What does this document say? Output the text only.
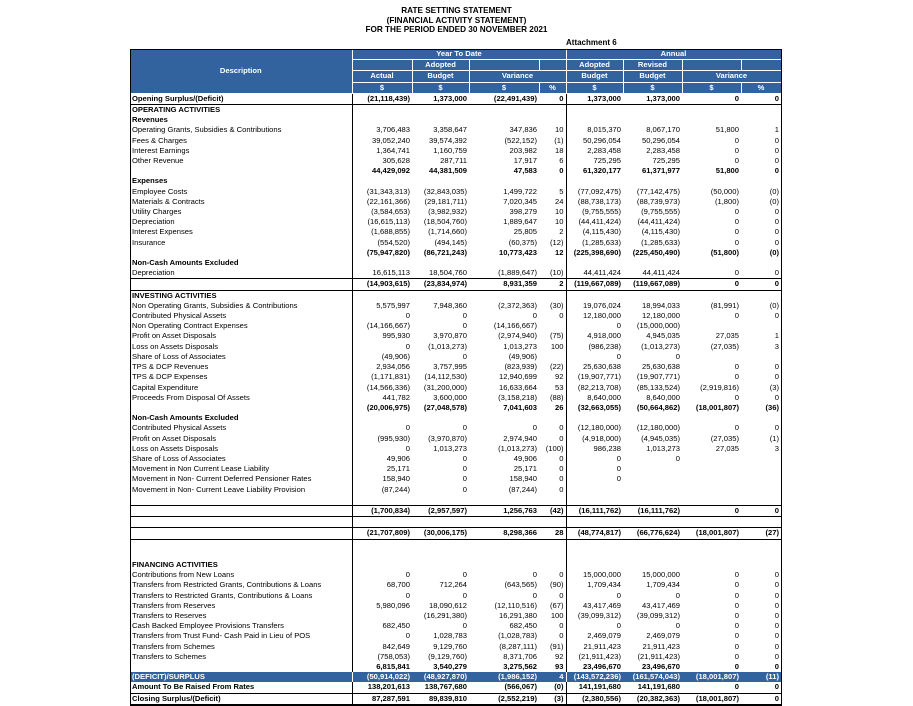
RATE SETTING STATEMENT
(FINANCIAL ACTIVITY STATEMENT)
FOR THE PERIOD ENDED 30 NOVEMBER 2021
Attachment 6
Description	Year To Date				Annual			
		Adopted			Adopted	Revised		
	Actual	Budget	Variance		Budget	Budget	Variance	
	$	$	$	%	$	$	$	%
Opening Surplus/(Deficit)	(21,118,439)	1,373,000	(22,491,439)	0	1,373,000	1,373,000	0	0
OPERATING ACTIVITIES								
Revenues								
Operating Grants, Subsidies & Contributions	3,706,483	3,358,647	347,836	10	8,015,370	8,067,170	51,800	1
Fees & Charges	39,052,240	39,574,392	(522,152)	(1)	50,296,054	50,296,054	0	0
Interest Earnings	1,364,741	1,160,759	203,982	18	2,283,458	2,283,458	0	0
Other Revenue	305,628	287,711	17,917	6	725,295	725,295	0	0
	44,429,092	44,381,509	47,583	0	61,320,177	61,371,977	51,800	0
Expenses								
Employee Costs	(31,343,313)	(32,843,035)	1,499,722	5	(77,092,475)	(77,142,475)	(50,000)	(0)
Materials & Contracts	(22,161,366)	(29,181,711)	7,020,345	24	(88,738,173)	(88,739,973)	(1,800)	(0)
Utility Charges	(3,584,653)	(3,982,932)	398,279	10	(9,755,555)	(9,755,555)	0	0
Depreciation	(16,615,113)	(18,504,760)	1,889,647	10	(44,411,424)	(44,411,424)	0	0
Interest Expenses	(1,688,855)	(1,714,660)	25,805	2	(4,115,430)	(4,115,430)	0	0
Insurance	(554,520)	(494,145)	(60,375)	(12)	(1,285,633)	(1,285,633)	0	0
	(75,947,820)	(86,721,243)	10,773,423	12	(225,398,690)	(225,450,490)	(51,800)	(0)
Non-Cash Amounts Excluded								
Depreciation	16,615,113	18,504,760	(1,889,647)	(10)	44,411,424	44,411,424	0	0
	(14,903,615)	(23,834,974)	8,931,359	2	(119,667,089)	(119,667,089)	0	0
INVESTING ACTIVITIES								
Non Operating Grants, Subsidies & Contributions	5,575,997	7,948,360	(2,372,363)	(30)	19,076,024	18,994,033	(81,991)	(0)
Contributed Physical Assets	0	0	0	0	12,180,000	12,180,000	0	0
Non Operating Contract Expenses	(14,166,667)	0	(14,166,667)		0	(15,000,000)		
Profit on Asset Disposals	995,930	3,970,870	(2,974,940)	(75)	4,918,000	4,945,035	27,035	1
Loss on Assets Disposals	0	(1,013,273)	1,013,273	100	(986,238)	(1,013,273)	(27,035)	3
Share of Loss of Associates	(49,906)	0	(49,906)		0	0		
TPS & DCP Revenues	2,934,056	3,757,995	(823,939)	(22)	25,630,638	25,630,638	0	0
TPS & DCP Expenses	(1,171,831)	(14,112,530)	12,940,699	92	(19,907,771)	(19,907,771)	0	0
Capital Expenditure	(14,566,336)	(31,200,000)	16,633,664	53	(82,213,708)	(85,133,524)	(2,919,816)	(3)
Proceeds From Disposal Of Assets	441,782	3,600,000	(3,158,218)	(88)	8,640,000	8,640,000	0	0
	(20,006,975)	(27,048,578)	7,041,603	26	(32,663,055)	(50,664,862)	(18,001,807)	(36)
Non-Cash Amounts Excluded								
Contributed Physical Assets	0	0	0	0	(12,180,000)	(12,180,000)	0	0
Profit on Asset Disposals	(995,930)	(3,970,870)	2,974,940	0	(4,918,000)	(4,945,035)	(27,035)	(1)
Loss on Assets Disposals	0	1,013,273	(1,013,273)	(100)	986,238	1,013,273	27,035	3
Share of Loss of Associates	49,906	0	49,906	0	0	0		
Movement in Non Current Lease Liability	25,171	0	25,171	0	0			
Movement in Non- Current Deferred Pensioner Rates	158,940	0	158,940	0	0			
Movement in Non- Current Leave Liability Provision	(87,244)	0	(87,244)	0				

	(1,700,834)	(2,957,597)	1,256,763	(42)	(16,111,762)	(16,111,762)	0	0

	(21,707,809)	(30,006,175)	8,298,366	28	(48,774,817)	(66,776,624)	(18,001,807)	(27)

FINANCING ACTIVITIES								
Contributions from New Loans	0	0	0	0	15,000,000	15,000,000	0	0
Transfers from Restricted Grants, Contributions & Loans	68,700	712,264	(643,565)	(90)	1,709,434	1,709,434	0	0
Transfers to Restricted Grants, Contributions & Loans	0	0	0	0	0	0	0	0
Transfers from Reserves	5,980,096	18,090,612	(12,110,516)	(67)	43,417,469	43,417,469	0	0
Transfers to Reserves		(16,291,380)	16,291,380	100	(39,099,312)	(39,099,312)	0	0
Cash Backed Employee Provisions Transfers	682,450	0	682,450	0	0	0	0	0
Transfers from Trust Fund- Cash Paid in Lieu of POS	0	1,028,783	(1,028,783)	0	2,469,079	2,469,079	0	0
Transfers from Schemes	842,649	9,129,760	(8,287,111)	(91)	21,911,423	21,911,423	0	0
Transfers to Schemes	(758,053)	(9,129,760)	8,371,706	92	(21,911,423)	(21,911,423)	0	0
	6,815,841	3,540,279	3,275,562	93	23,496,670	23,496,670	0	0
(DEFICIT)/SURPLUS	(50,914,022)	(48,927,870)	(1,986,152)	4	(143,572,236)	(161,574,043)	(18,001,807)	(11)
Amount To Be Raised From Rates	138,201,613	138,767,680	(566,067)	(0)	141,191,680	141,191,680	0	0
Closing Surplus/(Deficit)	87,287,591	89,839,810	(2,552,219)	(3)	(2,380,556)	(20,382,363)	(18,001,807)	0
